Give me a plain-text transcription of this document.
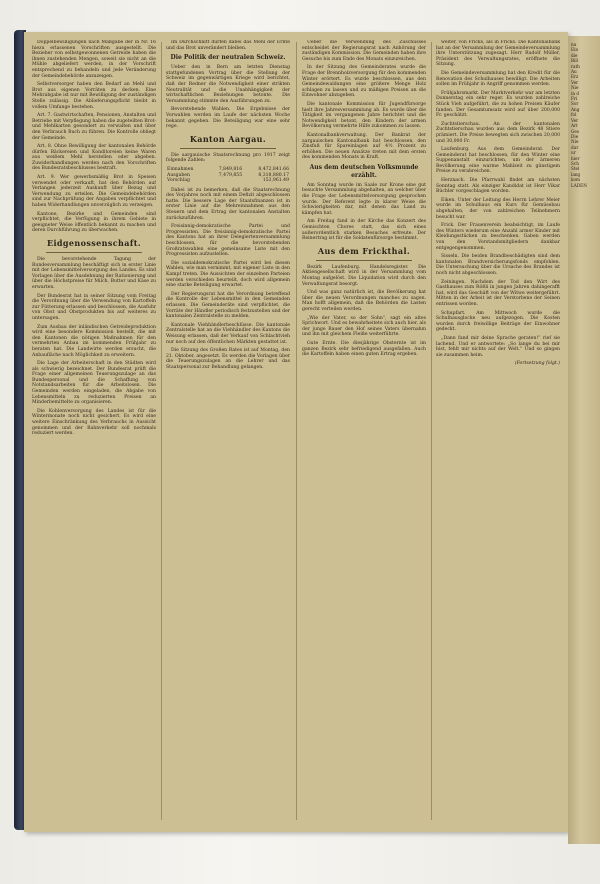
Doppelbewilligungen nach Maßgabe der in Nr. 16 hiezu erlassenen Vorschriften ausgestellt. Die Bezieher von selbstgewonnenen Getreide haben die ihnen zustehenden Mengen, soweit sie nicht an die Mühle abgeliefert werden, in der Vorschrift entsprechend zu behandeln und jede Veränderung der Gemeindebehörde anzuzeigen.
Selbstversorger haben den Bedarf an Mehl und Brot aus eigenen Vorräten zu decken. Eine Mehrabgabe ist nur mit Bewilligung der zuständigen Stelle zulässig. Die Ablieferungspflicht bleibt in vollem Umfange bestehen.
Art. 7. Gastwirtschaften, Pensionen, Anstalten und Betriebe mit Verpflegung haben die zugeteilten Brot- und Mehlkarten gesondert zu verwalten und über den Verbrauch Buch zu führen. Die Kontrolle obliegt der Gemeinde.
Art. 8. Ohne Bewilligung der kantonalen Behörde dürfen Bäckereien und Konditoreien keine Waren aus weißem Mehl herstellen oder abgeben. Zuwiderhandlungen werden nach den Vorschriften des Bundesratsbeschlusses bestraft.
Art. 9. Wer gewerbsmäßig Brot in Speisen verwendet oder verkauft, hat den Behörden auf Verlangen jederzeit Auskunft über Bezug und Verwendung zu erteilen. Die Gemeindebehörden sind zur Nachprüfung der Angaben verpflichtet und haben Widerhandlungen unverzüglich zu verzeigen.
Kantone, Bezirke und Gemeinden sind verpflichtet, die Verfügung in ihrem Gebiete in geeigneter Weise öffentlich bekannt zu machen und deren Durchführung zu überwachen.
Eidgenossenschaft.
Die bevorstehende Tagung der Bundesversammlung beschäftigt sich in erster Linie mit der Lebensmittelversorgung des Landes. Es sind Vorlagen über die Ausdehnung der Rationierung und über die Höchstpreise für Milch, Butter und Käse zu erwarten.
Der Bundesrat hat in seiner Sitzung vom Freitag die Verordnung über die Verwendung von Kartoffeln zur Fütterung erlassen und beschlossen, die Ausfuhr von Obst und Obstprodukten bis auf weiteres zu untersagen.
Zum Ausbau der inländischen Getreideproduktion wird eine besondere Kommission bestellt, die mit den Kantonen die nötigen Maßnahmen für den vermehrten Anbau im kommenden Frühjahr zu beraten hat. Die Landwirte werden ersucht, die Anbaufläche nach Möglichkeit zu erweitern.
Die Lage der Arbeiterschaft in den Städten wird als schwierig bezeichnet. Der Bundesrat prüft die Frage einer allgemeinen Teuerungszulage an das Bundespersonal und die Schaffung von Notstandsarbeiten für die Arbeitslosen. Die Gemeinden werden eingeladen, die Abgabe von Lebensmitteln zu reduzierten Preisen an Minderbemittelte zu organisieren.
Die Kohlenversorgung des Landes ist für die Wintermonate noch nicht gesichert. Es wird eine weitere Einschränkung des Verbrauchs in Aussicht genommen und der Bahnverkehr soll nochmals reduziert werden.
Im Durchschnitt dürfen dabei das Mehl der Ernte und das Brot unverändert bleiben.
Die Politik der neutralen Schweiz.
Ueber den in Bern am letzten Dienstag stattgefundenen Vortrag über die Stellung der Schweiz im gegenwärtigen Kriege wird berichtet, daß der Redner die Notwendigkeit einer strikten Neutralität und die Unabhängigkeit der wirtschaftlichen Beziehungen betonte. Die Versammlung stimmte den Ausführungen zu.
Bevorstehende Wahlen. Die Ergebnisse der Vorwahlen werden im Laufe der nächsten Woche bekannt gegeben. Die Beteiligung war eine sehr rege.
Kanton Aargau.
Die aargauische Staatsrechnung pro 1917 zeigt folgende Zahlen:
Einnahmen	7,849,816	8,472,841.66
Ausgaben	7,479,855	8,318,880.17
Vorschlag		153,961.49
Dabei ist zu bemerken, daß die Staatsrechnung des Vorjahres noch mit einem Defizit abgeschlossen hatte. Die bessere Lage der Staatsfinanzen ist in erster Linie auf die Mehreinnahmen aus den Steuern und dem Ertrag der kantonalen Anstalten zurückzuführen.
Freisinnig-demokratische Partei und Progressisten. Die freisinnig-demokratische Partei des Kantons hat an ihrer Delegiertenversammlung beschlossen, für die bevorstehenden Großratswahlen eine gemeinsame Liste mit den Progressisten aufzustellen.
Die sozialdemokratische Partei wird bei diesen Wahlen, wie man vernimmt, mit eigener Liste in den Kampf treten. Die Aussichten der einzelnen Parteien werden verschieden beurteilt, doch wird allgemein eine starke Beteiligung erwartet.
Der Regierungsrat hat die Verordnung betreffend die Kontrolle der Lebensmittel in den Gemeinden erlassen. Die Gemeinderäte sind verpflichtet, die Vorräte der Händler periodisch festzustellen und der kantonalen Zentralstelle zu melden.
Kantonale Viehhändlerbeschlüsse. Die kantonale Zentralstelle hat an die Viehhändler des Kantons die Weisung erlassen, daß der Verkauf von Schlachtvieh nur noch auf den öffentlichen Märkten gestattet ist.
Die Sitzung des Großen Rates ist auf Montag, den 21. Oktober, angesetzt. Es werden die Vorlagen über die Teuerungszulagen an die Lehrer und das Staatspersonal zur Behandlung gelangen.
Ueber die Verwendung des Zuschusses entscheidet der Regierungsrat nach Anhörung der zuständigen Kommission. Die Gemeinden haben ihre Gesuche bis zum Ende des Monats einzureichen.
In der Sitzung des Gemeinderates wurde die Frage der Brennholzversorgung für den kommenden Winter erörtert. Es wurde beschlossen, aus den Gemeindewaldungen eine größere Menge Holz schlagen zu lassen und zu mäßigen Preisen an die Einwohner abzugeben.
Die kantonale Kommission für Jugendfürsorge hielt ihre Jahresversammlung ab. Es wurde über die Tätigkeit im vergangenen Jahre berichtet und die Notwendigkeit betont, den Kindern der armen Bevölkerung vermehrte Hilfe zukommen zu lassen.
Kantonalbankverwaltung. Der Bankrat der aargauischen Kantonalbank hat beschlossen, den Zinsfuß für Spareinlagen auf 4½ Prozent zu erhöhen. Die neuen Ansätze treten mit dem ersten des kommenden Monats in Kraft.
Aus dem deutschen Volksmunde erzählt.
Am Sonntag wurde im Saale zur Krone eine gut besuchte Versammlung abgehalten, an welcher über die Frage der Lebensmittelversorgung gesprochen wurde. Der Referent legte in klarer Weise die Schwierigkeiten dar, mit denen das Land zu kämpfen hat.
Am Freitag fand in der Kirche das Konzert des Gemischten Chores statt, das sich eines außerordentlich starken Besuches erfreute. Der Reinertrag ist für die Soldatenfürsorge bestimmt.
Aus dem Frickthal.
Bezirk Laufenburg. Handelsregister. Die Aktiengesellschaft wird in der Versammlung vom Montag aufgelöst. Die Liquidation wird durch den Verwaltungsrat besorgt.
Und was ganz natürlich ist, die Bevölkerung hat über die neuen Verordnungen manches zu sagen. Man hofft allgemein, daß die Behörden die Lasten gerecht verteilen werden.
„Wie der Vater, so der Sohn“, sagt ein altes Sprichwort. Und es bewahrheitete sich auch hier, als der junge Bauer den Hof seines Vaters übernahm und ihn mit gleichem Fleiße weiterführte.
Gute Ernte. Die diesjährige Obsternte ist im ganzen Bezirk sehr befriedigend ausgefallen. Auch die Kartoffeln haben einen guten Ertrag ergeben.
weiter, von Fricks, als in Fricks. Die Kantonalbank hat an der Versammlung der Gemeindeversammlung ihre Unterstützung zugesagt. Herr Rudolf Müller, Präsident des Verwaltungsrates, eröffnete die Sitzung.
Die Gemeindeversammlung hat den Kredit für die Renovation des Schulhauses bewilligt. Die Arbeiten sollen im Frühjahr in Angriff genommen werden.
Frühjahrsmarkt. Der Marktverkehr war am letzten Donnerstag ein sehr reger. Es wurden zahlreiche Stück Vieh aufgeführt, die zu hohen Preisen Käufer fanden. Der Gesamtumsatz wird auf über 200,000 Fr. geschätzt.
Zuchtstierschau. An der kantonalen Zuchtstierschau wurden aus dem Bezirk 48 Stiere prämiert. Die Preise bewegten sich zwischen 20,000 und 30,000 Fr.
Laufenburg. Aus dem Gemeinderat. Der Gemeinderat hat beschlossen, für den Winter eine Suppenanstalt einzurichten, um der ärmeren Bevölkerung eine warme Mahlzeit zu günstigem Preise zu verabreichen.
Herznach. Die Pfarrwahl findet am nächsten Sonntag statt. Als einziger Kandidat ist Herr Vikar Büchler vorgeschlagen worden.
Eiken. Unter der Leitung des Herrn Lehrer Meier wurde im Schulhaus ein Kurs für Gemüsebau abgehalten, der von zahlreichen Teilnehmern besucht war.
Frick. Der Frauenverein beabsichtigt, im Laufe des Winters wiederum eine Anzahl armer Kinder mit Kleidungsstücken zu beschenken. Gaben werden von den Vorstandsmitgliedern dankbar entgegengenommen.
Sisseln. Die beiden Brandbeschädigten sind dem kantonalen Brandversicherungsfonds empfohlen. Die Untersuchung über die Ursache des Brandes ist noch nicht abgeschlossen.
Zeiningen. Nachdem der Tod den Wirt des Gasthauses zum Rößli in jungen Jahren dahingerafft hat, wird das Geschäft von der Witwe weitergeführt. Mitten in der Arbeit ist der Verstorbene der Seinen entrissen worden.
Schupfart. Am Mittwoch wurde die Schulhausglocke neu aufgezogen. Die Kosten wurden durch freiwillige Beiträge der Einwohner gedeckt.
„Dann fand mir deine Sprache geraten!“ rief sie lachend. Und er antwortete: „So lange du bei mir bist, fehlt mir nichts auf der Welt.“ Und so gingen sie zusammen heim.
(Fortsetzung folgt.)
nu
Ein
die
Bill
rath
Au
Erz
Ver
Nie
in d
Fri
Sor
Ang
fol
Ver
Art
Ges
Die
Nie
dur
ur
hier
Sch
Stel
lang
kom
LADEN
